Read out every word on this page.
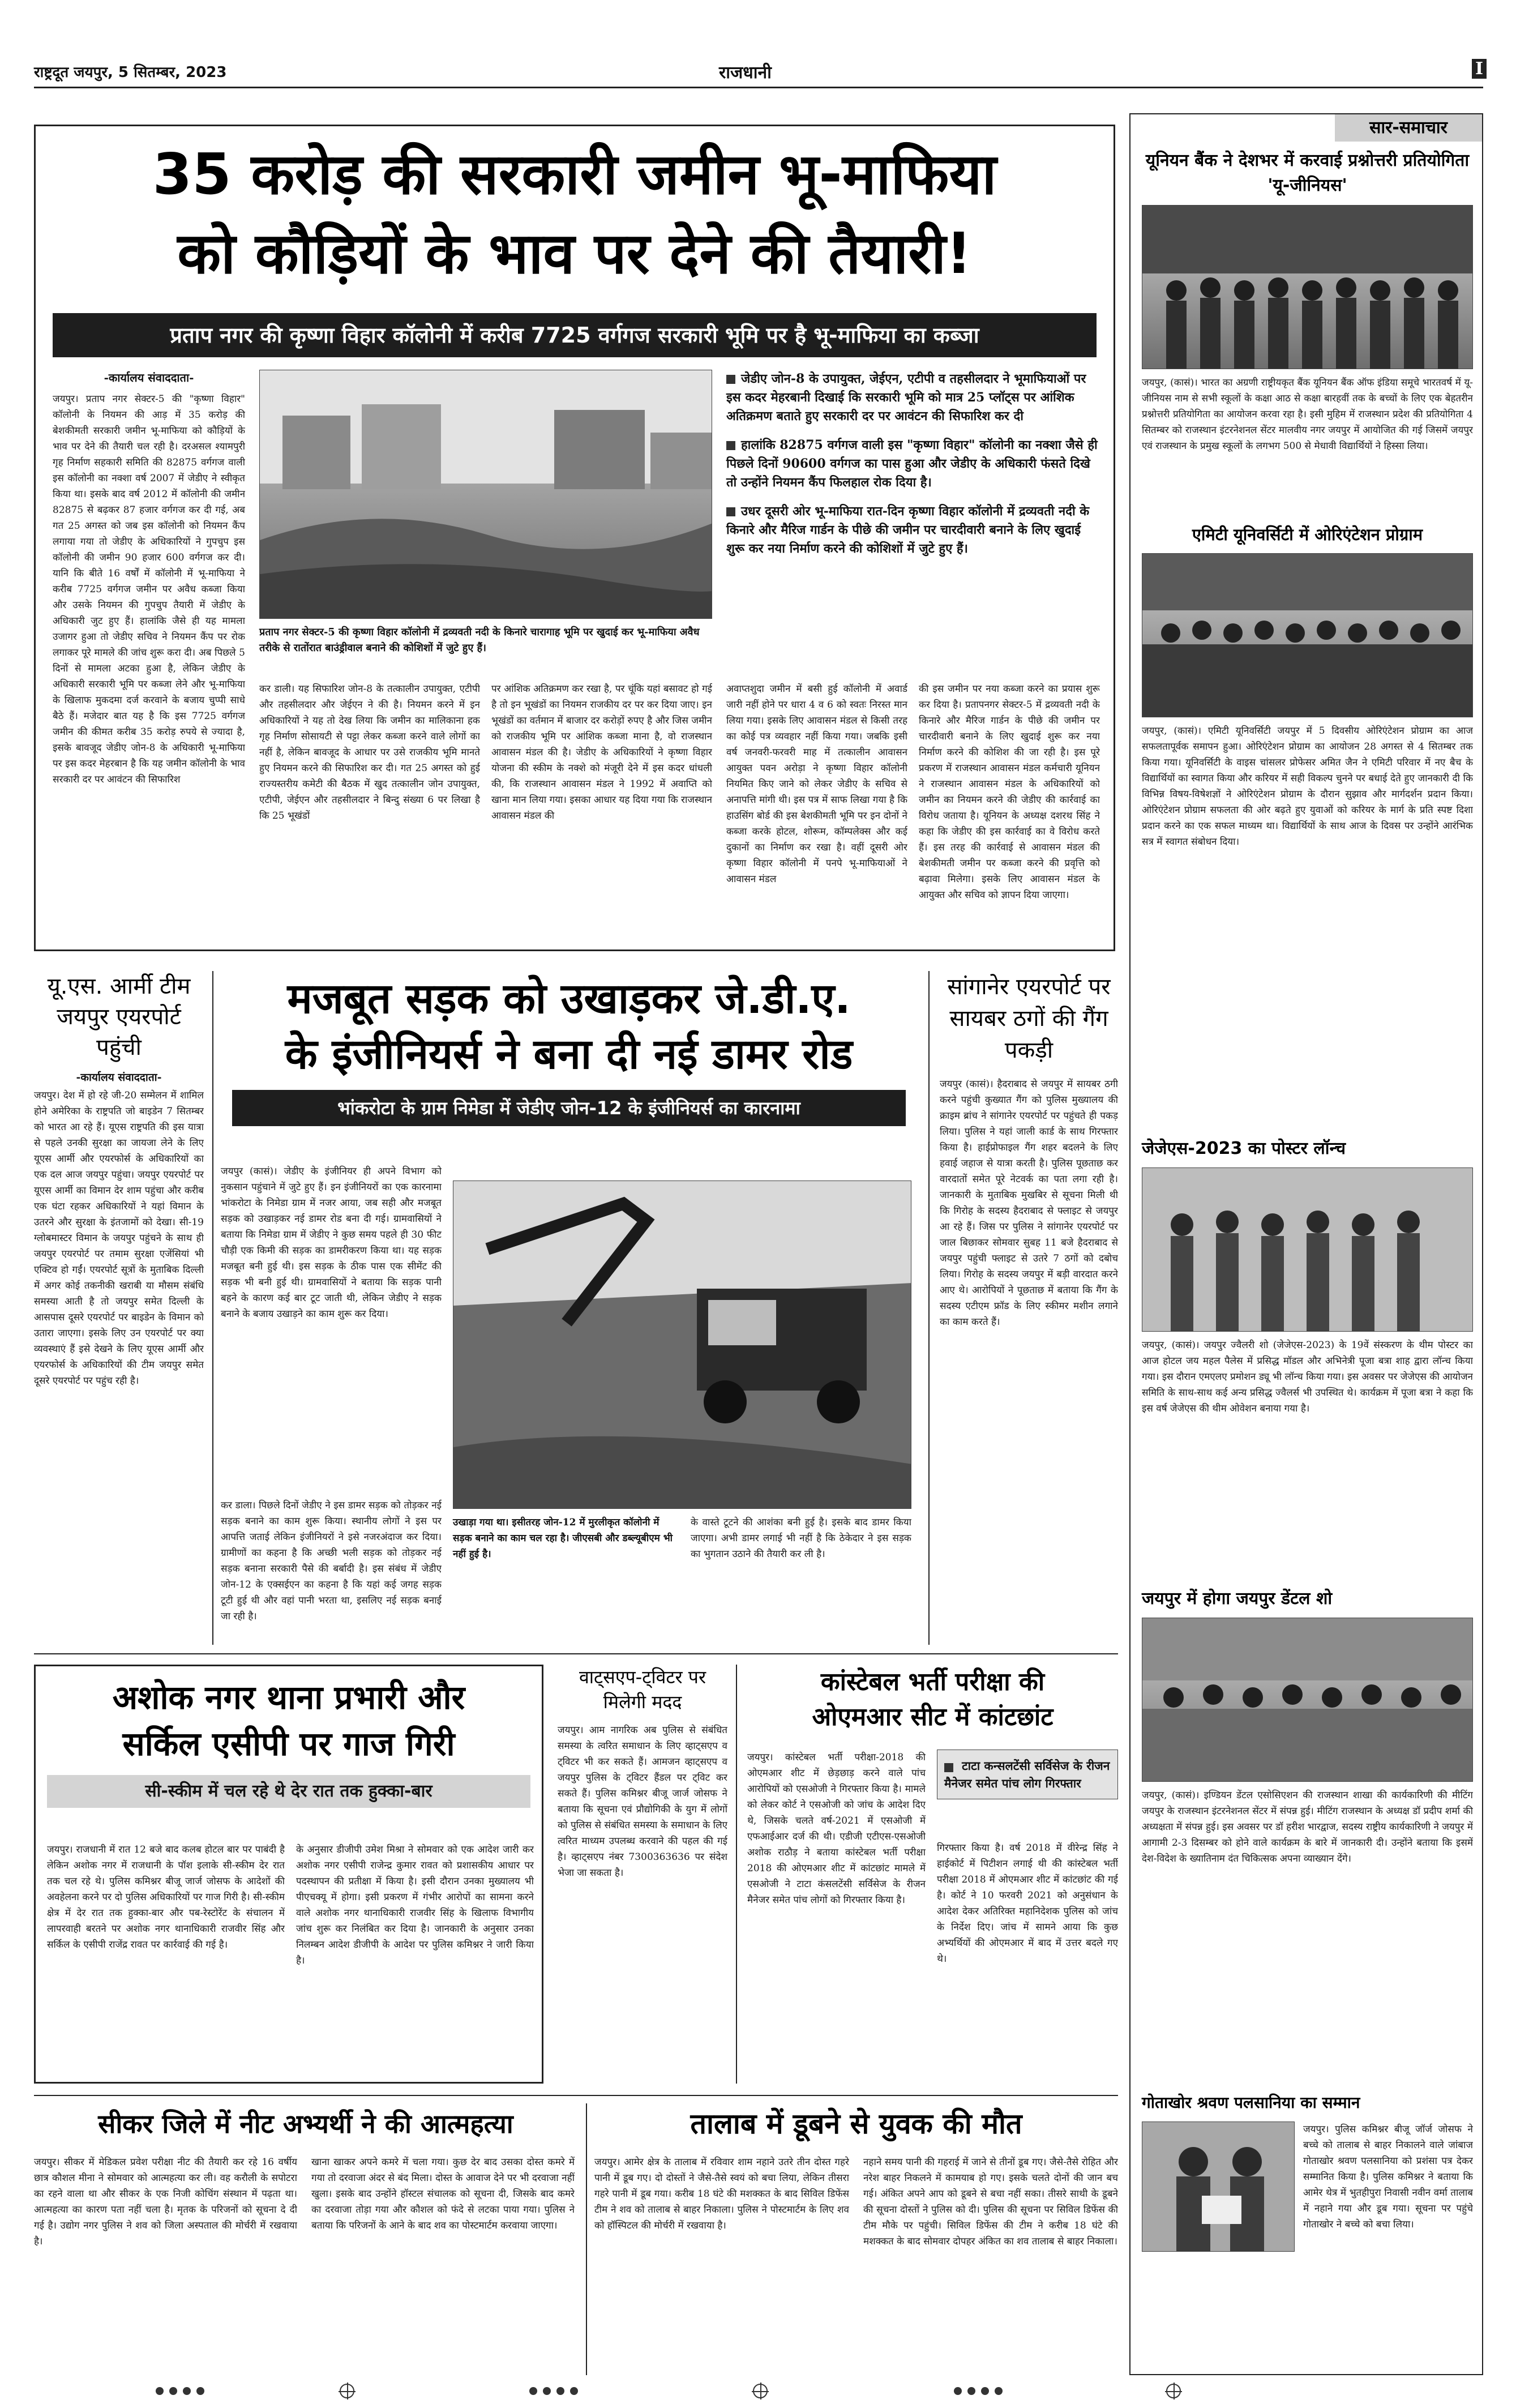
राष्ट्रदूत जयपुर, 5 सितम्बर, 2023	राजधानी	I
35 करोड़ की सरकारी जमीन भू-माफिया
को कौड़ियों के भाव पर देने की तैयारी!
प्रताप नगर की कृष्णा विहार कॉलोनी में करीब 7725 वर्गगज सरकारी भूमि पर है भू-माफिया का कब्जा
-कार्यालय संवाददाता-
जयपुर। प्रताप नगर सेक्टर-5 की "कृष्णा विहार" कॉलोनी के नियमन की आड़ में 35 करोड़ की बेशकीमती सरकारी जमीन भू-माफिया को कौड़ियों के भाव पर देने की तैयारी चल रही है। दरअसल श्यामपुरी गृह निर्माण सहकारी समिति की 82875 वर्गगज वाली इस कॉलोनी का नक्शा वर्ष 2007 में जेडीए ने स्वीकृत किया था। इसके बाद वर्ष 2012 में कॉलोनी की जमीन 82875 से बढ़कर 87 हजार वर्गगज कर दी गई, अब गत 25 अगस्त को जब इस कॉलोनी को नियमन कैंप लगाया गया तो जेडीए के अधिकारियों ने गुपचुप इस कॉलोनी की जमीन 90 हजार 600 वर्गगज कर दी। यानि कि बीते 16 वर्षों में कॉलोनी में भू-माफिया ने करीब 7725 वर्गगज जमीन पर अवैध कब्जा किया और उसके नियमन की गुपचुप तैयारी में जेडीए के अधिकारी जुट हुए हैं। हालांकि जैसे ही यह मामला उजागर हुआ तो जेडीए सचिव ने नियमन कैंप पर रोक लगाकर पूरे मामले की जांच शुरू करा दी। अब पिछले 5 दिनों से मामला अटका हुआ है, लेकिन जेडीए के अधिकारी सरकारी भूमि पर कब्जा लेने और भू-माफिया के खिलाफ मुकदमा दर्ज करवाने के बजाय चुप्पी साधे बैठे हैं। मजेदार बात यह है कि इस 7725 वर्गगज जमीन की कीमत करीब 35 करोड़ रुपये से ज्यादा है, इसके बावजूद जेडीए जोन-8 के अधिकारी भू-माफिया पर इस कदर मेहरबान है कि यह जमीन कॉलोनी के भाव सरकारी दर पर आवंटन की सिफारिश
प्रताप नगर सेक्टर-5 की कृष्णा विहार कॉलोनी में द्रव्यवती नदी के किनारे चारागाह भूमि पर खुदाई कर भू-माफिया अवैध तरीके से रातोंरात बाउंड्रीवाल बनाने की कोशिशों में जुटे हुए हैं।
कर डाली। यह सिफारिश जोन-8 के तत्कालीन उपायुक्त, एटीपी और तहसीलदार और जेईएन ने की है। नियमन करने में इन अधिकारियों ने यह तो देख लिया कि जमीन का मालिकाना हक गृह निर्माण सोसायटी से पट्टा लेकर कब्जा करने वाले लोगों का नहीं है, लेकिन बावजूद के आधार पर उसे राजकीय भूमि मानते हुए नियमन करने की सिफारिश कर दी। गत 25 अगस्त को हुई राज्यस्तरीय कमेटी की बैठक में खुद तत्कालीन जोन उपायुक्त, एटीपी, जेईएन और तहसीलदार ने बिन्दु संख्या 6 पर लिखा है कि 25 भूखंडों
पर आंशिक अतिक्रमण कर रखा है, पर चूंकि यहां बसावट हो गई है तो इन भूखंडों का नियमन राजकीय दर पर कर दिया जाए। इन भूखंडों का वर्तमान में बाजार दर करोड़ों रुपए है और जिस जमीन को राजकीय भूमि पर आंशिक कब्जा माना है, वो राजस्थान आवासन मंडल की है। जेडीए के अधिकारियों ने कृष्णा विहार योजना की स्कीम के नक्शे को मंजूरी देने में इस कदर धांधली की, कि राजस्थान आवासन मंडल ने 1992 में अवाप्ति को खाना मान लिया गया। इसका आधार यह दिया गया कि राजस्थान आवासन मंडल की

जेडीए जोन-8 के उपायुक्त, जेईएन, एटीपी व तहसीलदार ने भूमाफियाओं पर इस कदर मेहरबानी दिखाई कि सरकारी भूमि को मात्र 25 प्लॉट्स पर आंशिक अतिक्रमण बताते हुए सरकारी दर पर आवंटन की सिफारिश कर दी

हालांकि 82875 वर्गगज वाली इस "कृष्णा विहार" कॉलोनी का नक्शा जैसे ही पिछले दिनों 90600 वर्गगज का पास हुआ और जेडीए के अधिकारी फंसते दिखे तो उन्होंने नियमन कैंप फिलहाल रोक दिया है।

उधर दूसरी ओर भू-माफिया रात-दिन कृष्णा विहार कॉलोनी में द्रव्यवती नदी के किनारे और मैरिज गार्डन के पीछे की जमीन पर चारदीवारी बनाने के लिए खुदाई शुरू कर नया निर्माण करने की कोशिशों में जुटे हुए हैं।

अवाप्तशुदा जमीन में बसी हुई कॉलोनी में अवार्ड जारी नहीं होने पर धारा 4 व 6 को स्वतः निरस्त मान लिया गया। इसके लिए आवासन मंडल से किसी तरह का कोई पत्र व्यवहार नहीं किया गया। जबकि इसी वर्ष जनवरी-फरवरी माह में तत्कालीन आवासन आयुक्त पवन अरोड़ा ने कृष्णा विहार कॉलोनी नियमित किए जाने को लेकर जेडीए के सचिव से अनापत्ति मांगी थी। इस पत्र में साफ लिखा गया है कि हाउसिंग बोर्ड की इस बेशकीमती भूमि पर इन दोनों ने कब्जा करके होटल, शोरूम, कॉम्पलेक्स और कई दुकानों का निर्माण कर रखा है। वहीं दूसरी ओर कृष्णा विहार कॉलोनी में पनपे भू-माफियाओं ने आवासन मंडल
की इस जमीन पर नया कब्जा करने का प्रयास शुरू कर दिया है। प्रतापनगर सेक्टर-5 में द्रव्यवती नदी के किनारे और मैरिज गार्डन के पीछे की जमीन पर चारदीवारी बनाने के लिए खुदाई शुरू कर नया निर्माण करने की कोशिश की जा रही है। इस पूरे प्रकरण में राजस्थान आवासन मंडल कर्मचारी यूनियन ने राजस्थान आवासन मंडल के अधिकारियों को जमीन का नियमन करने की जेडीए की कार्रवाई का विरोध जताया है। यूनियन के अध्यक्ष दशरथ सिंह ने कहा कि जेडीए की इस कार्रवाई का वे विरोध करते हैं। इस तरह की कार्रवाई से आवासन मंडल की बेशकीमती जमीन पर कब्जा करने की प्रवृत्ति को बढ़ावा मिलेगा। इसके लिए आवासन मंडल के आयुक्त और सचिव को ज्ञापन दिया जाएगा।
यू.एस. आर्मी टीम जयपुर एयरपोर्ट पहुंची
-कार्यालय संवाददाता-
जयपुर। देश में हो रहे जी-20 सम्मेलन में शामिल होने अमेरिका के राष्ट्रपति जो बाइडेन 7 सितम्बर को भारत आ रहे हैं। यूएस राष्ट्रपति की इस यात्रा से पहले उनकी सुरक्षा का जायजा लेने के लिए यूएस आर्मी और एयरफोर्स के अधिकारियों का एक दल आज जयपुर पहुंचा। जयपुर एयरपोर्ट पर यूएस आर्मी का विमान देर शाम पहुंचा और करीब एक घंटा रहकर अधिकारियों ने यहां विमान के उतरने और सुरक्षा के इंतजामों को देखा। सी-19 ग्लोबमास्टर विमान के जयपुर पहुंचने के साथ ही जयपुर एयरपोर्ट पर तमाम सुरक्षा एजेंसियां भी एक्टिव हो गईं। एयरपोर्ट सूत्रों के मुताबिक दिल्ली में अगर कोई तकनीकी खराबी या मौसम संबंधि समस्या आती है तो जयपुर समेत दिल्ली के आसपास दूसरे एयरपोर्ट पर बाइडेन के विमान को उतारा जाएगा। इसके लिए उन एयरपोर्ट पर क्या व्यवस्थाएं हैं इसे देखने के लिए यूएस आर्मी और एयरफोर्स के अधिकारियों की टीम जयपुर समेत दूसरे एयरपोर्ट पर पहुंच रही है।
मजबूत सड़क को उखाड़कर जे.डी.ए.
के इंजीनियर्स ने बना दी नई डामर रोड
भांकरोटा के ग्राम निमेडा में जेडीए जोन-12 के इंजीनियर्स का कारनामा
जयपुर (कासं)। जेडीए के इंजीनियर ही अपने विभाग को नुकसान पहुंचाने में जुटे हुए हैं। इन इंजीनियरों का एक कारनामा भांकरोटा के निमेडा ग्राम में नजर आया, जब सही और मजबूत सड़क को उखाड़कर नई डामर रोड बना दी गई। ग्रामवासियों ने बताया कि निमेडा ग्राम में जेडीए ने कुछ समय पहले ही 30 फीट चौड़ी एक किमी की सड़क का डामरीकरण किया था। यह सड़क मजबूत बनी हुई थी। इस सड़क के ठीक पास एक सीमेंट की सड़क भी बनी हुई थी। ग्रामवासियों ने बताया कि सड़क पानी बहने के कारण कई बार टूट जाती थी, लेकिन जेडीए ने सड़क बनाने के बजाय उखाड़ने का काम शुरू कर दिया।
कर डाला। पिछले दिनों जेडीए ने इस डामर सड़क को तोड़कर नई सड़क बनाने का काम शुरू किया। स्थानीय लोगों ने इस पर आपत्ति जताई लेकिन इंजीनियरों ने इसे नजरअंदाज कर दिया। ग्रामीणों का कहना है कि अच्छी भली सड़क को तोड़कर नई सड़क बनाना सरकारी पैसे की बर्बादी है। इस संबंध में जेडीए जोन-12 के एक्सईएन का कहना है कि यहां कई जगह सड़क टूटी हुई थी और वहां पानी भरता था, इसलिए नई सड़क बनाई जा रही है।
उखाड़ा गया था। इसीतरह जोन-12 में मुरलीकृत कॉलोनी में सड़क बनाने का काम चल रहा है। जीएसबी और डब्ल्यूबीएम भी नहीं हुई है।
के वास्ते टूटने की आशंका बनी हुई है। इसके बाद डामर किया जाएगा। अभी डामर लगाई भी नहीं है कि ठेकेदार ने इस सड़क का भुगतान उठाने की तैयारी कर ली है।
सांगानेर एयरपोर्ट पर सायबर ठगों की गैंग पकड़ी
जयपुर (कासं)। हैदराबाद से जयपुर में सायबर ठगी करने पहुंची कुख्यात गैंग को पुलिस मुख्यालय की क्राइम ब्रांच ने सांगानेर एयरपोर्ट पर पहुंचते ही पकड़ लिया। पुलिस ने यहां जाली कार्ड के साथ गिरफ्तार किया है। हाईप्रोफाइल गैंग शहर बदलने के लिए हवाई जहाज से यात्रा करती है। पुलिस पूछताछ कर वारदातों समेत पूरे नेटवर्क का पता लगा रही है। जानकारी के मुताबिक मुखबिर से सूचना मिली थी कि गिरोह के सदस्य हैदराबाद से फ्लाइट से जयपुर आ रहे हैं। जिस पर पुलिस ने सांगानेर एयरपोर्ट पर जाल बिछाकर सोमवार सुबह 11 बजे हैदराबाद से जयपुर पहुंची फ्लाइट से उतरे 7 ठगों को दबोच लिया। गिरोह के सदस्य जयपुर में बड़ी वारदात करने आए थे। आरोपियों ने पूछताछ में बताया कि गैंग के सदस्य एटीएम फ्रॉड के लिए स्कीमर मशीन लगाने का काम करते हैं।
अशोक नगर थाना प्रभारी और
सर्किल एसीपी पर गाज गिरी
सी-स्कीम में चल रहे थे देर रात तक हुक्का-बार
जयपुर। राजधानी में रात 12 बजे बाद कलब होटल बार पर पाबंदी है लेकिन अशोक नगर में राजधानी के पॉश इलाके सी-स्कीम देर रात तक चल रहे थे। पुलिस कमिश्नर बीजू जार्ज जोसफ के आदेशों की अवहेलना करने पर दो पुलिस अधिकारियों पर गाज गिरी है। सी-स्कीम क्षेत्र में देर रात तक हुक्का-बार और पब-रेस्टोरेंट के संचालन में लापरवाही बरतने पर अशोक नगर थानाधिकारी राजवीर सिंह और सर्किल के एसीपी राजेंद्र रावत पर कार्रवाई की गई है।
के अनुसार डीजीपी उमेश मिश्रा ने सोमवार को एक आदेश जारी कर अशोक नगर एसीपी राजेन्द्र कुमार रावत को प्रशासकीय आधार पर पदस्थापन की प्रतीक्षा में किया है। इसी दौरान उनका मुख्यालय भी पीएचक्यू में होगा। इसी प्रकरण में गंभीर आरोपों का सामना करने वाले अशोक नगर थानाधिकारी राजवीर सिंह के खिलाफ विभागीय जांच शुरू कर निलंबित कर दिया है। जानकारी के अनुसार उनका निलम्बन आदेश डीजीपी के आदेश पर पुलिस कमिश्नर ने जारी किया है।
वाट्सएप-ट्विटर पर मिलेगी मदद
जयपुर। आम नागरिक अब पुलिस से संबंधित समस्या के त्वरित समाधान के लिए व्हाट्सएप व ट्विटर भी कर सकते हैं। आमजन व्हाट्सएप व जयपुर पुलिस के ट्विटर हैंडल पर ट्विट कर सकते हैं। पुलिस कमिश्नर बीजू जार्ज जोसफ ने बताया कि सूचना एवं प्रौद्योगिकी के युग में लोगों को पुलिस से संबंधित समस्या के समाधान के लिए त्वरित माध्यम उपलब्ध करवाने की पहल की गई है। व्हाट्सएप नंबर 7300363636 पर संदेश भेजा जा सकता है।
कांस्टेबल भर्ती परीक्षा की
ओएमआर सीट में कांटछांट
जयपुर। कांस्टेबल भर्ती परीक्षा-2018 की ओएमआर शीट में छेड़छाड़ करने वाले पांच आरोपियों को एसओजी ने गिरफ्तार किया है। मामले को लेकर कोर्ट ने एसओजी को जांच के आदेश दिए थे, जिसके चलते वर्ष-2021 में एसओजी में एफआईआर दर्ज की थी। एडीजी एटीएस-एसओजी अशोक राठौड़ ने बताया कांस्टेबल भर्ती परीक्षा 2018 की ओएमआर शीट में कांटछांट मामले में एसओजी ने टाटा कंसलटेंसी सर्विसेज के रीजन मैनेजर समेत पांच लोगों को गिरफ्तार किया है।
टाटा कन्सलटेंसी सर्विसेज के रीजन मैनेजर समेत पांच लोग गिरफ्तार
गिरफ्तार किया है। वर्ष 2018 में वीरेन्द्र सिंह ने हाईकोर्ट में पिटीशन लगाई थी की कांस्टेबल भर्ती परीक्षा 2018 में ओएमआर शीट में कांटछांट की गई है। कोर्ट ने 10 फरवरी 2021 को अनुसंधान के आदेश देकर अतिरिक्त महानिदेशक पुलिस को जांच के निर्देश दिए। जांच में सामने आया कि कुछ अभ्यर्थियों की ओएमआर में बाद में उत्तर बदले गए थे।
सीकर जिले में नीट अभ्यर्थी ने की आत्महत्या
जयपुर। सीकर में मेडिकल प्रवेश परीक्षा नीट की तैयारी कर रहे 16 वर्षीय छात्र कौशल मीना ने सोमवार को आत्महत्या कर ली। वह करौली के सपोटरा का रहने वाला था और सीकर के एक निजी कोचिंग संस्थान में पढ़ता था। आत्महत्या का कारण पता नहीं चला है। मृतक के परिजनों को सूचना दे दी गई है। उद्योग नगर पुलिस ने शव को जिला अस्पताल की मोर्चरी में रखवाया है।
खाना खाकर अपने कमरे में चला गया। कुछ देर बाद उसका दोस्त कमरे में गया तो दरवाजा अंदर से बंद मिला। दोस्त के आवाज देने पर भी दरवाजा नहीं खुला। इसके बाद उन्होंने हॉस्टल संचालक को सूचना दी, जिसके बाद कमरे का दरवाजा तोड़ा गया और कौशल को फंदे से लटका पाया गया। पुलिस ने बताया कि परिजनों के आने के बाद शव का पोस्टमार्टम करवाया जाएगा।
तालाब में डूबने से युवक की मौत
जयपुर। आमेर क्षेत्र के तालाब में रविवार शाम नहाने उतरे तीन दोस्त गहरे पानी में डूब गए। दो दोस्तों ने जैसे-तैसे स्वयं को बचा लिया, लेकिन तीसरा गहरे पानी में डूब गया। करीब 18 घंटे की मशक्कत के बाद सिविल डिफेंस टीम ने शव को तालाब से बाहर निकाला। पुलिस ने पोस्टमार्टम के लिए शव को हॉस्पिटल की मोर्चरी में रखवाया है।
नहाने समय पानी की गहराई में जाने से तीनों डूब गए। जैसे-तैसे रोहित और नरेश बाहर निकलने में कामयाब हो गए। इसके चलते दोनों की जान बच गई। अंकित अपने आप को डूबने से बचा नहीं सका। तीसरे साथी के डूबने की सूचना दोस्तों ने पुलिस को दी। पुलिस की सूचना पर सिविल डिफेंस की टीम मौके पर पहुंची। सिविल डिफेंस की टीम ने करीब 18 घंटे की मशक्कत के बाद सोमवार दोपहर अंकित का शव तालाब से बाहर निकाला।
सार-समाचार
यूनियन बैंक ने देशभर में करवाई प्रश्नोत्तरी प्रतियोगिता 'यू-जीनियस'
जयपुर, (कासं)। भारत का अग्रणी राष्ट्रीयकृत बैंक यूनियन बैंक ऑफ इंडिया समूचे भारतवर्ष में यू-जीनियस नाम से सभी स्कूलों के कक्षा आठ से कक्षा बारहवीं तक के बच्चों के लिए एक बेहतरीन प्रश्नोत्तरी प्रतियोगिता का आयोजन करवा रहा है। इसी मुहिम में राजस्थान प्रदेश की प्रतियोगिता 4 सितम्बर को राजस्थान इंटरनेशनल सेंटर मालवीय नगर जयपुर में आयोजित की गई जिसमें जयपुर एवं राजस्थान के प्रमुख स्कूलों के लगभग 500 से मेधावी विद्यार्थियों ने हिस्सा लिया।
एमिटी यूनिवर्सिटी में ओरिएंटेशन प्रोग्राम
जयपुर, (कासं)। एमिटी यूनिवर्सिटी जयपुर में 5 दिवसीय ओरिएंटेशन प्रोग्राम का आज सफलतापूर्वक समापन हुआ। ओरिएंटेशन प्रोग्राम का आयोजन 28 अगस्त से 4 सितम्बर तक किया गया। यूनिवर्सिटी के वाइस चांसलर प्रोफेसर अमित जैन ने एमिटी परिवार में नए बैच के विद्यार्थियों का स्वागत किया और करियर में सही विकल्प चुनने पर बधाई देते हुए जानकारी दी कि विभिन्न विषय-विषेशज्ञों ने ओरिएंटेशन प्रोग्राम के दौरान सुझाव और मार्गदर्शन प्रदान किया। ओरिएंटेशन प्रोग्राम सफलता की ओर बढ़ते हुए युवाओं को करियर के मार्ग के प्रति स्पष्ट दिशा प्रदान करने का एक सफल माध्यम था। विद्यार्थियों के साथ आज के दिवस पर उन्होंने आरंभिक सत्र में स्वागत संबोधन दिया।
जेजेएस-2023 का पोस्टर लॉन्च
जयपुर, (कासं)। जयपुर ज्वैलरी शो (जेजेएस-2023) के 19वें संस्करण के थीम पोस्टर का आज होटल जय महल पैलेस में प्रसिद्ध मॉडल और अभिनेत्री पूजा बत्रा शाह द्वारा लॉन्च किया गया। इस दौरान एमएलए प्रमोशन ड्यू भी लॉन्च किया गया। इस अवसर पर जेजेएस की आयोजन समिति के साथ-साथ कई अन्य प्रसिद्ध ज्वैलर्स भी उपस्थित थे। कार्यक्रम में पूजा बत्रा ने कहा कि इस वर्ष जेजेएस की थीम ओवेशन बनाया गया है।
जयपुर में होगा जयपुर डेंटल शो
जयपुर, (कासं)। इण्डियन डेंटल एसोसिएशन की राजस्थान शाखा की कार्यकारिणी की मीटिंग जयपुर के राजस्थान इंटरनेशनल सेंटर में संपन्न हुई। मीटिंग राजस्थान के अध्यक्ष डॉ प्रदीप शर्मा की अध्यक्षता में संपन्न हुई। इस अवसर पर डॉ हरीश भारद्वाज, सदस्य राष्ट्रीय कार्यकारिणी ने जयपुर में आगामी 2-3 दिसम्बर को होने वाले कार्यक्रम के बारे में जानकारी दी। उन्होंने बताया कि इसमें देश-विदेश के ख्यातिनाम दंत चिकित्सक अपना व्याख्यान देंगे।
गोताखोर श्रवण पलसानिया का सम्मान
जयपुर। पुलिस कमिश्नर बीजू जॉर्ज जोसफ ने बच्चे को तालाब से बाहर निकालने वाले जांबाज गोताखोर श्रवण पलसानिया को प्रशंसा पत्र देकर सम्मानित किया है। पुलिस कमिश्नर ने बताया कि आमेर थेत्र में भुतहीपुरा निवासी नवीन वर्मा तालाब में नहाने गया और डूब गया। सूचना पर पहुंचे गोताखोर ने बच्चे को बचा लिया।
